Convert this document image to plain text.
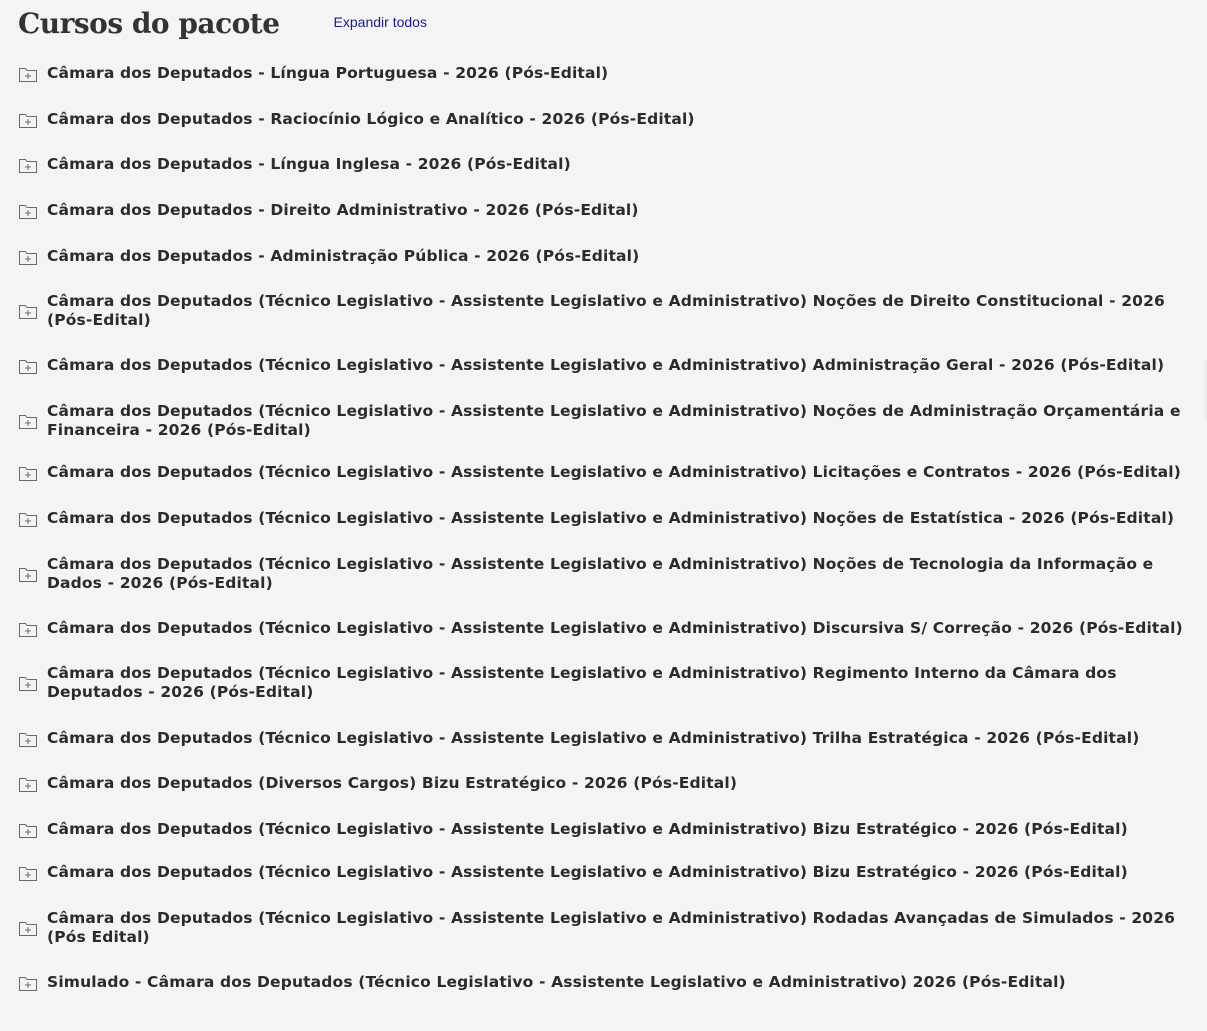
Cursos do pacote	Expandir todos
Câmara dos Deputados - Língua Portuguesa - 2026 (Pós-Edital)
Câmara dos Deputados - Raciocínio Lógico e Analítico - 2026 (Pós-Edital)
Câmara dos Deputados - Língua Inglesa - 2026 (Pós-Edital)
Câmara dos Deputados - Direito Administrativo - 2026 (Pós-Edital)
Câmara dos Deputados - Administração Pública - 2026 (Pós-Edital)
Câmara dos Deputados (Técnico Legislativo - Assistente Legislativo e Administrativo) Noções de Direito Constitucional - 2026 (Pós-Edital)
Câmara dos Deputados (Técnico Legislativo - Assistente Legislativo e Administrativo) Administração Geral - 2026 (Pós-Edital)
Câmara dos Deputados (Técnico Legislativo - Assistente Legislativo e Administrativo) Noções de Administração Orçamentária e Financeira - 2026 (Pós-Edital)
Câmara dos Deputados (Técnico Legislativo - Assistente Legislativo e Administrativo) Licitações e Contratos - 2026 (Pós-Edital)
Câmara dos Deputados (Técnico Legislativo - Assistente Legislativo e Administrativo) Noções de Estatística - 2026 (Pós-Edital)
Câmara dos Deputados (Técnico Legislativo - Assistente Legislativo e Administrativo) Noções de Tecnologia da Informação e Dados - 2026 (Pós-Edital)
Câmara dos Deputados (Técnico Legislativo - Assistente Legislativo e Administrativo) Discursiva S/ Correção - 2026 (Pós-Edital)
Câmara dos Deputados (Técnico Legislativo - Assistente Legislativo e Administrativo) Regimento Interno da Câmara dos Deputados - 2026 (Pós-Edital)
Câmara dos Deputados (Técnico Legislativo - Assistente Legislativo e Administrativo) Trilha Estratégica - 2026 (Pós-Edital)
Câmara dos Deputados (Diversos Cargos) Bizu Estratégico - 2026 (Pós-Edital)
Câmara dos Deputados (Técnico Legislativo - Assistente Legislativo e Administrativo) Bizu Estratégico - 2026 (Pós-Edital)
Câmara dos Deputados (Técnico Legislativo - Assistente Legislativo e Administrativo) Bizu Estratégico - 2026 (Pós-Edital)
Câmara dos Deputados (Técnico Legislativo - Assistente Legislativo e Administrativo) Rodadas Avançadas de Simulados - 2026 (Pós Edital)
Simulado - Câmara dos Deputados (Técnico Legislativo - Assistente Legislativo e Administrativo) 2026 (Pós-Edital)
